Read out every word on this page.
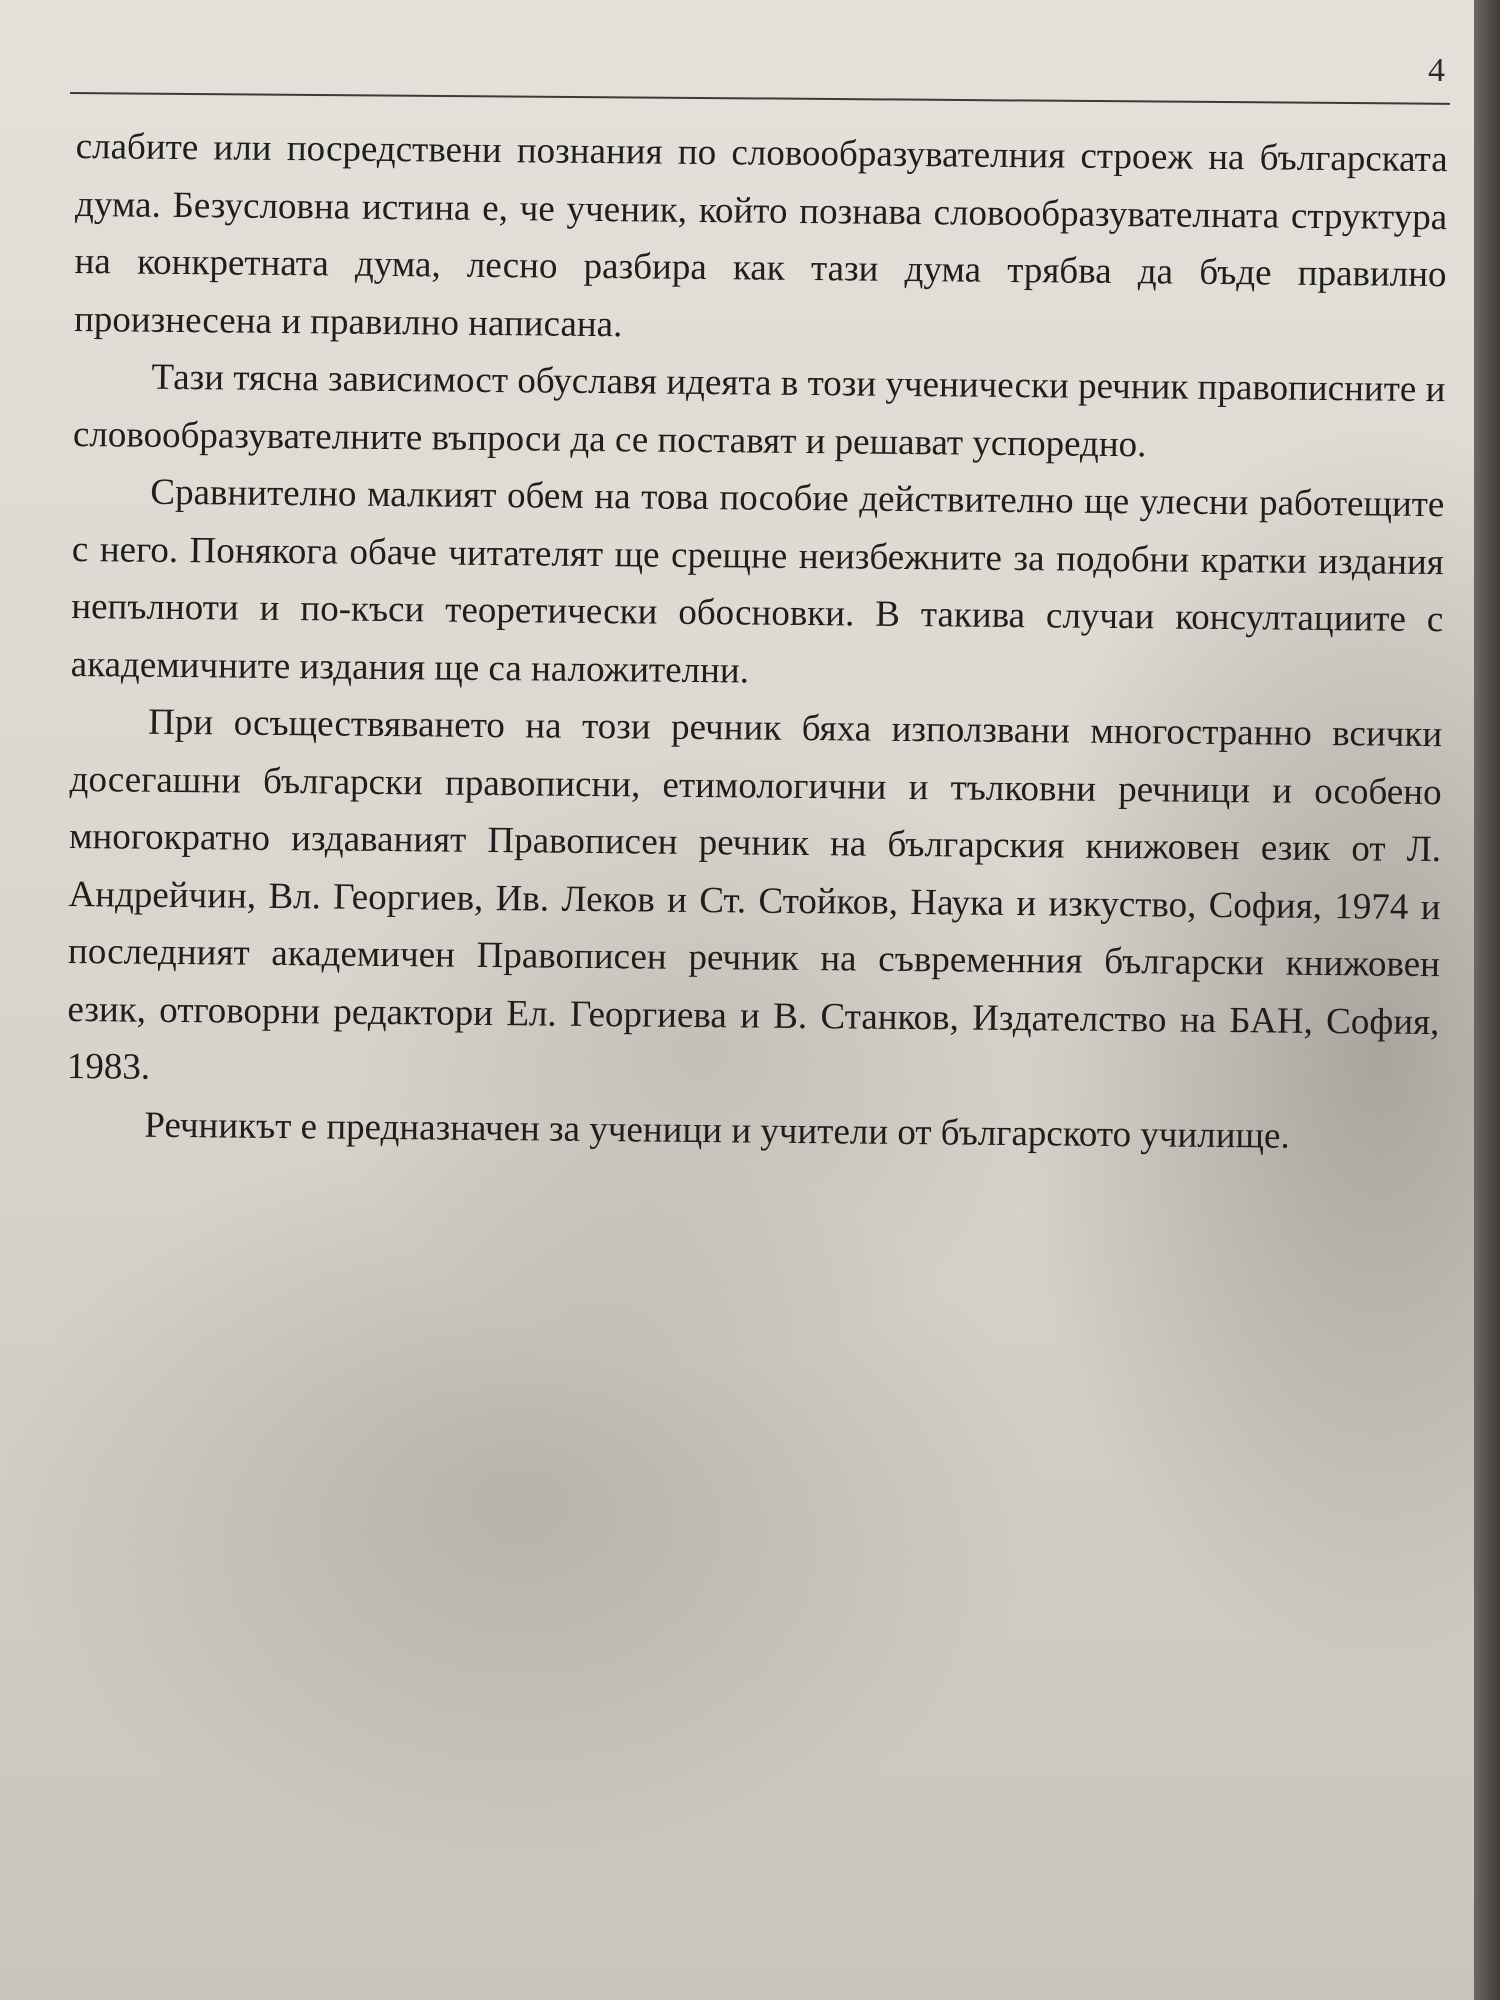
4

слабите или посредствени познания по словообразувателния строеж на българската дума. Безусловна истина е, че ученик, който познава словообразувателната структура на конкретната дума, лесно разбира как тази дума трябва да бъде правилно произнесена и правилно написана.

Тази тясна зависимост обуславя идеята в този ученически речник правописните и словообразувателните въпроси да се поставят и решават успоредно.

Сравнително малкият обем на това пособие действително ще улесни работещите с него. Понякога обаче читателят ще срещне неизбежните за подобни кратки издания непълноти и по-къси теоретически обосновки. В такива случаи консултациите с академичните издания ще са наложителни.

При осъществяването на този речник бяха използвани многостранно всички досегашни български правописни, етимологични и тълковни речници и особено многократно издаваният Правописен речник на българския книжовен език от Л. Андрейчин, Вл. Георгиев, Ив. Леков и Ст. Стойков, Наука и изкуство, София, 1974 и последният академичен Правописен речник на съвременния български книжовен език, отговорни редактори Ел. Георгиева и В. Станков, Издателство на БАН, София, 1983.

Речникът е предназначен за ученици и учители от българското училище.
